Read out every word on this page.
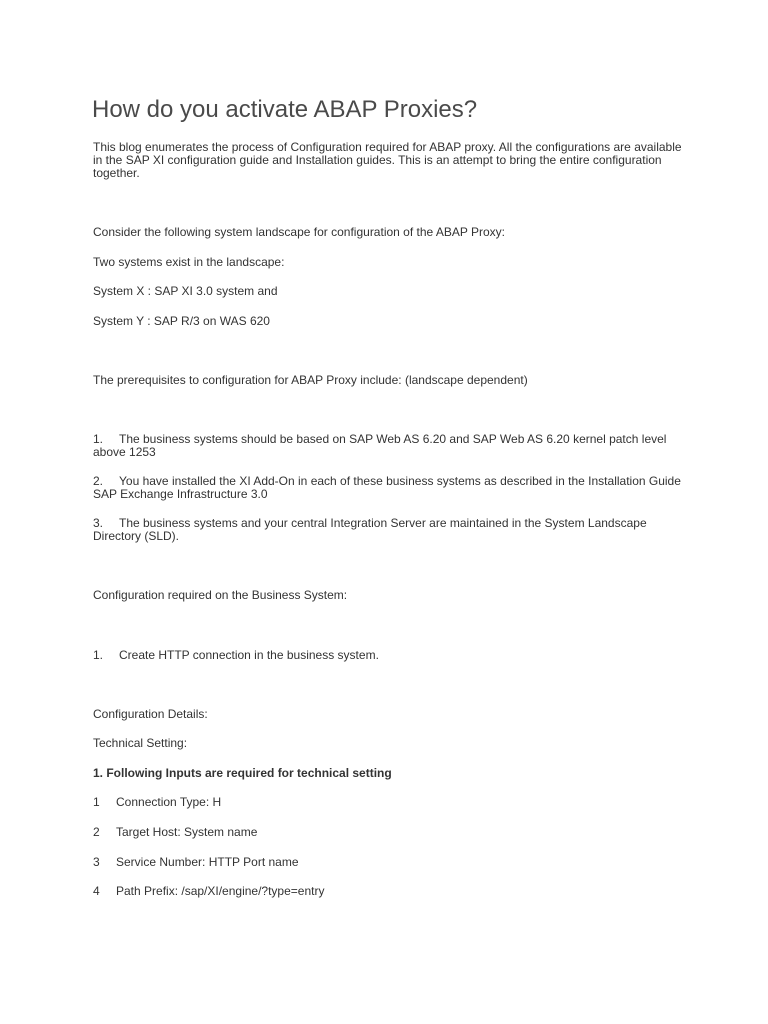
How do you activate ABAP Proxies?
This blog enumerates the process of Configuration required for ABAP proxy. All the configurations are available
in the SAP XI configuration guide and Installation guides. This is an attempt to bring the entire configuration
together.
Consider the following system landscape for configuration of the ABAP Proxy:
Two systems exist in the landscape:
System X : SAP XI 3.0 system and
System Y : SAP R/3 on WAS 620
The prerequisites to configuration for ABAP Proxy include: (landscape dependent)
1. The business systems should be based on SAP Web AS 6.20 and SAP Web AS 6.20 kernel patch level
above 1253
2. You have installed the XI Add-On in each of these business systems as described in the Installation Guide
SAP Exchange Infrastructure 3.0
3. The business systems and your central Integration Server are maintained in the System Landscape
Directory (SLD).
Configuration required on the Business System:
1. Create HTTP connection in the business system.
Configuration Details:
Technical Setting:
1. Following Inputs are required for technical setting
1 Connection Type: H
2 Target Host: System name
3 Service Number: HTTP Port name
4 Path Prefix: /sap/XI/engine/?type=entry
